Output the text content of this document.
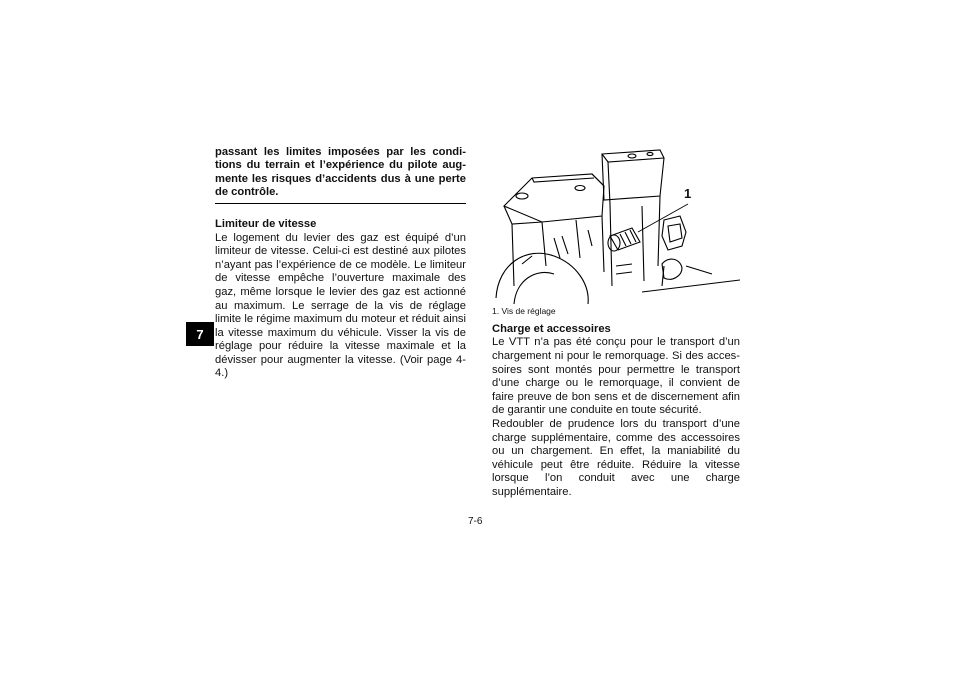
7

passant les limites imposées par les conditions du terrain et l’expérience du pilote augmente les risques d’accidents dus à une perte de contrôle.

Limiteur de vitesse

Le logement du levier des gaz est équipé d’un limiteur de vitesse. Celui-ci est destiné aux pilotes n’ayant pas l’expérience de ce modèle. Le limiteur de vitesse empêche l’ouverture maximale des gaz, même lorsque le levier des gaz est actionné au maximum. Le serrage de la vis de réglage limite le régime maximum du moteur et réduit ainsi la vitesse maximum du véhicule. Visser la vis de réglage pour réduire la vitesse maximale et la dévisser pour augmenter la vitesse. (Voir page 4-4.)

1
1. Vis de réglage
Charge et accessoires

Le VTT n’a pas été conçu pour le transport d’un chargement ni pour le remorquage. Si des accessoires sont montés pour permettre le transport d’une charge ou le remorquage, il convient de faire preuve de bon sens et de discernement afin de garantir une conduite en toute sécurité.

Redoubler de prudence lors du transport d’une charge supplémentaire, comme des accessoires ou un chargement. En effet, la maniabilité du véhicule peut être réduite. Réduire la vitesse lorsque l’on conduit avec une charge supplémentaire.

7-6
